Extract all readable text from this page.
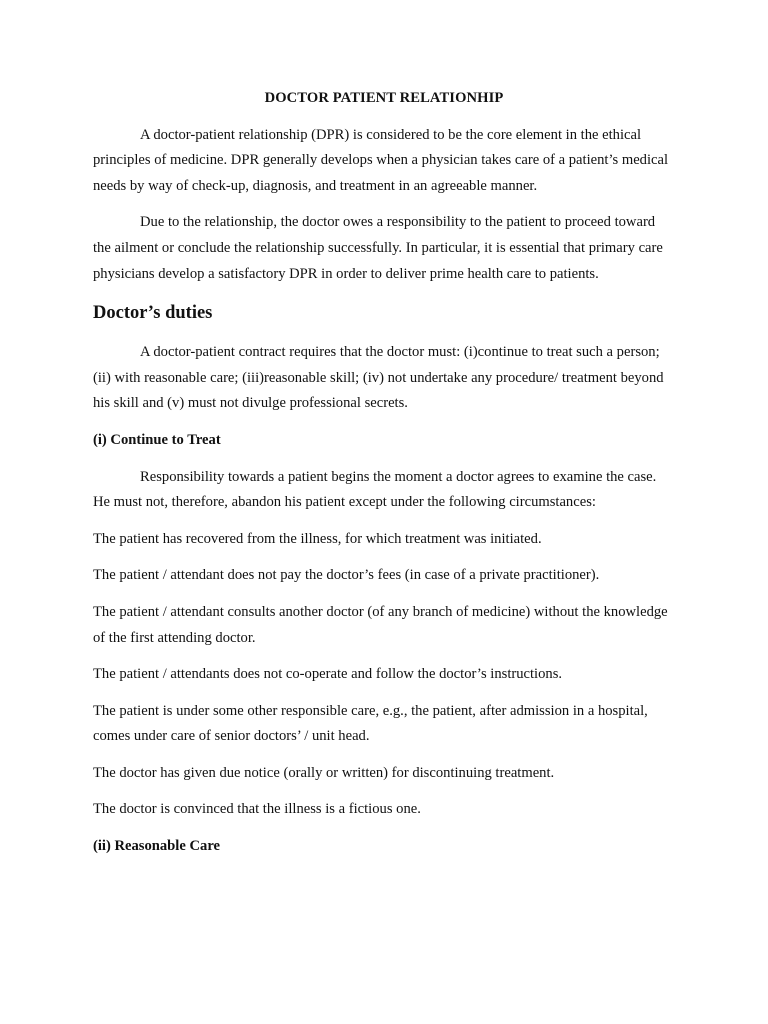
DOCTOR PATIENT RELATIONHIP

A doctor-patient relationship (DPR) is considered to be the core element in the ethical principles of medicine. DPR generally develops when a physician takes care of a patient’s medical needs by way of check-up, diagnosis, and treatment in an agreeable manner.

Due to the relationship, the doctor owes a responsibility to the patient to proceed toward the ailment or conclude the relationship successfully. In particular, it is essential that primary care physicians develop a satisfactory DPR in order to deliver prime health care to patients.

Doctor’s duties

A doctor-patient contract requires that the doctor must: (i)continue to treat such a person; (ii) with reasonable care; (iii)reasonable skill; (iv) not undertake any procedure/ treatment beyond his skill and (v) must not divulge professional secrets.

(i) Continue to Treat

Responsibility towards a patient begins the moment a doctor agrees to examine the case. He must not, therefore, abandon his patient except under the following circumstances:

The patient has recovered from the illness, for which treatment was initiated.

The patient / attendant does not pay the doctor’s fees (in case of a private practitioner).

The patient / attendant consults another doctor (of any branch of medicine) without the knowledge of the first attending doctor.

The patient / attendants does not co-operate and follow the doctor’s instructions.

The patient is under some other responsible care, e.g., the patient, after admission in a hospital, comes under care of senior doctors’ / unit head.

The doctor has given due notice (orally or written) for discontinuing treatment.

The doctor is convinced that the illness is a fictious one.

(ii) Reasonable Care
